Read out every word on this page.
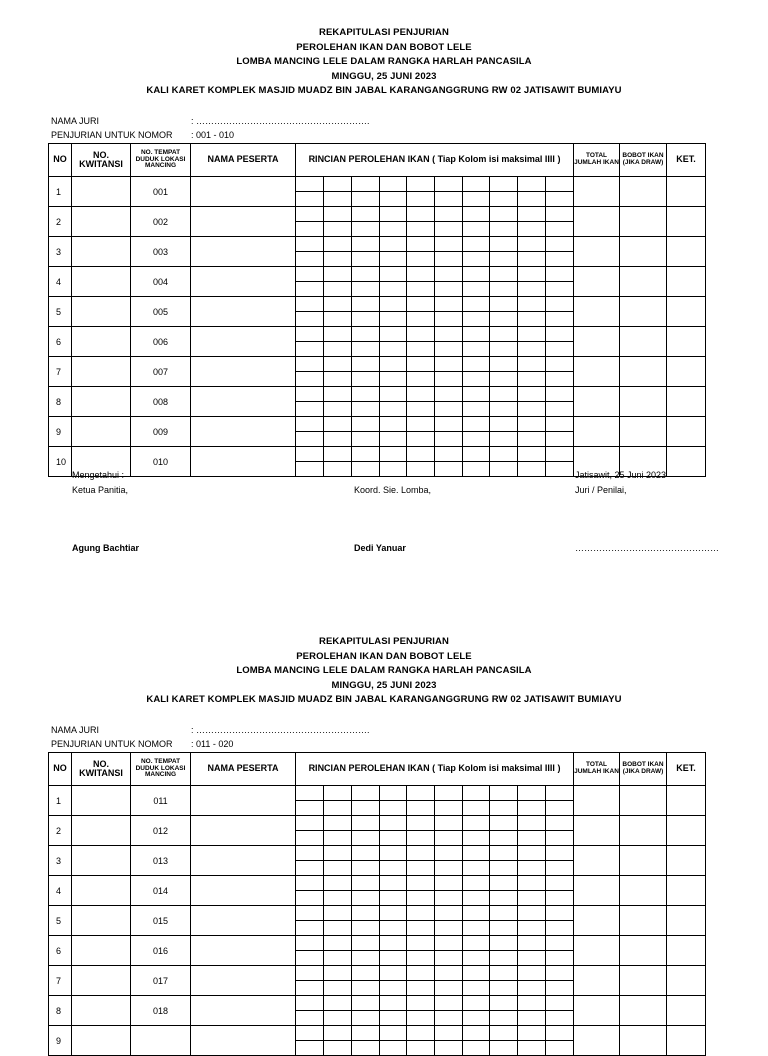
REKAPITULASI PENJURIAN
PEROLEHAN IKAN DAN BOBOT LELE
LOMBA MANCING LELE DALAM RANGKA HARLAH PANCASILA
MINGGU, 25 JUNI 2023
KALI KARET KOMPLEK MASJID MUADZ BIN JABAL KARANGANGGRUNG RW 02 JATISAWIT BUMIAYU
NAMA JURI	: ………………………………………………….
PENJURIAN UNTUK NOMOR : 001 - 010
NO	NO. KWITANSI	NO. TEMPAT DUDUK LOKASI MANCING	NAMA PESERTA	RINCIAN PEROLEHAN IKAN ( Tiap Kolom isi maksimal IIII )	TOTAL JUMLAH IKAN	BOBOT IKAN (JIKA DRAW)	KET.
1		001		

2		002		

3		003		

4		004		

5		005		

6		006		

7		007		

8		008		

9		009		

10		010		

Mengetahui :
Ketua Panitia,
Agung Bachtiar
Koord. Sie. Lomba,
Dedi Yanuar
Jatisawit, 25 Juni 2023
Juri / Penilai,
…………………………………………
REKAPITULASI PENJURIAN
PEROLEHAN IKAN DAN BOBOT LELE
LOMBA MANCING LELE DALAM RANGKA HARLAH PANCASILA
MINGGU, 25 JUNI 2023
KALI KARET KOMPLEK MASJID MUADZ BIN JABAL KARANGANGGRUNG RW 02 JATISAWIT BUMIAYU
NAMA JURI	: ………………………………………………….
PENJURIAN UNTUK NOMOR : 011 - 020
NO	NO. KWITANSI	NO. TEMPAT DUDUK LOKASI MANCING	NAMA PESERTA	RINCIAN PEROLEHAN IKAN ( Tiap Kolom isi maksimal IIII )	TOTAL JUMLAH IKAN	BOBOT IKAN (JIKA DRAW)	KET.
1		011		

2		012		

3		013		

4		014		

5		015		

6		016		

7		017		

8		018		

9				
